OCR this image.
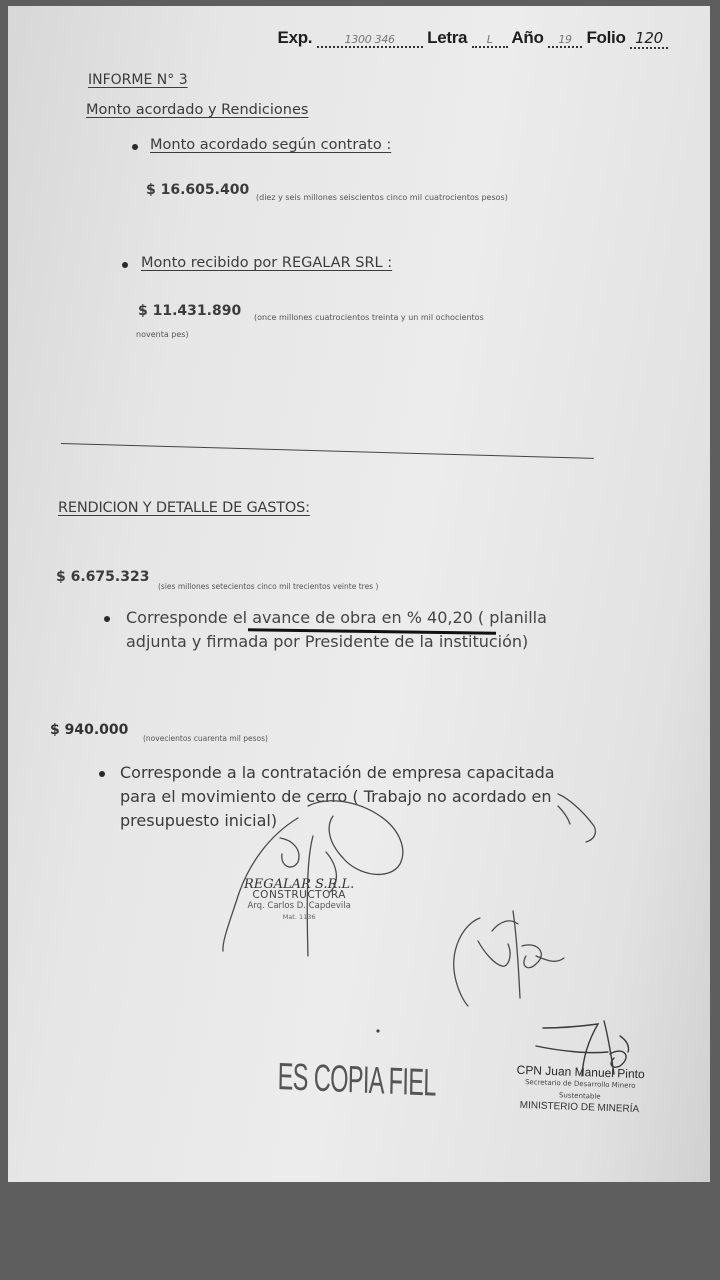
Exp.	1300 346 Letra L Año 19 Folio 120
INFORME N° 3
Monto acordado y Rendiciones
Monto acordado según contrato :
$ 16.605.400 (diez y seis millones seiscientos cinco mil cuatrocientos pesos)
Monto recibido por REGALAR SRL :
$ 11.431.890 (once millones cuatrocientos treinta y un mil ochocientos
noventa pes)
RENDICION Y DETALLE DE GASTOS:
$ 6.675.323
(sies millones setecientos cinco mil trecientos veinte tres )
Corresponde el avance de obra en % 40,20 ( planilla
adjunta y firmada por Presidente de la institución)
$ 940.000
(novecientos cuarenta mil pesos)
Corresponde a la contratación de empresa capacitada
para el movimiento de cerro ( Trabajo no acordado en
presupuesto inicial)
REGALAR S.R.L.
CONSTRUCTORA
Arq. Carlos D. Capdevila
Mat. 1136
ES COPIA FIEL	CPN Juan Manuel Pinto
Secretario de Desarrollo Minero
Sustentable
MINISTERIO DE MINERÍA
